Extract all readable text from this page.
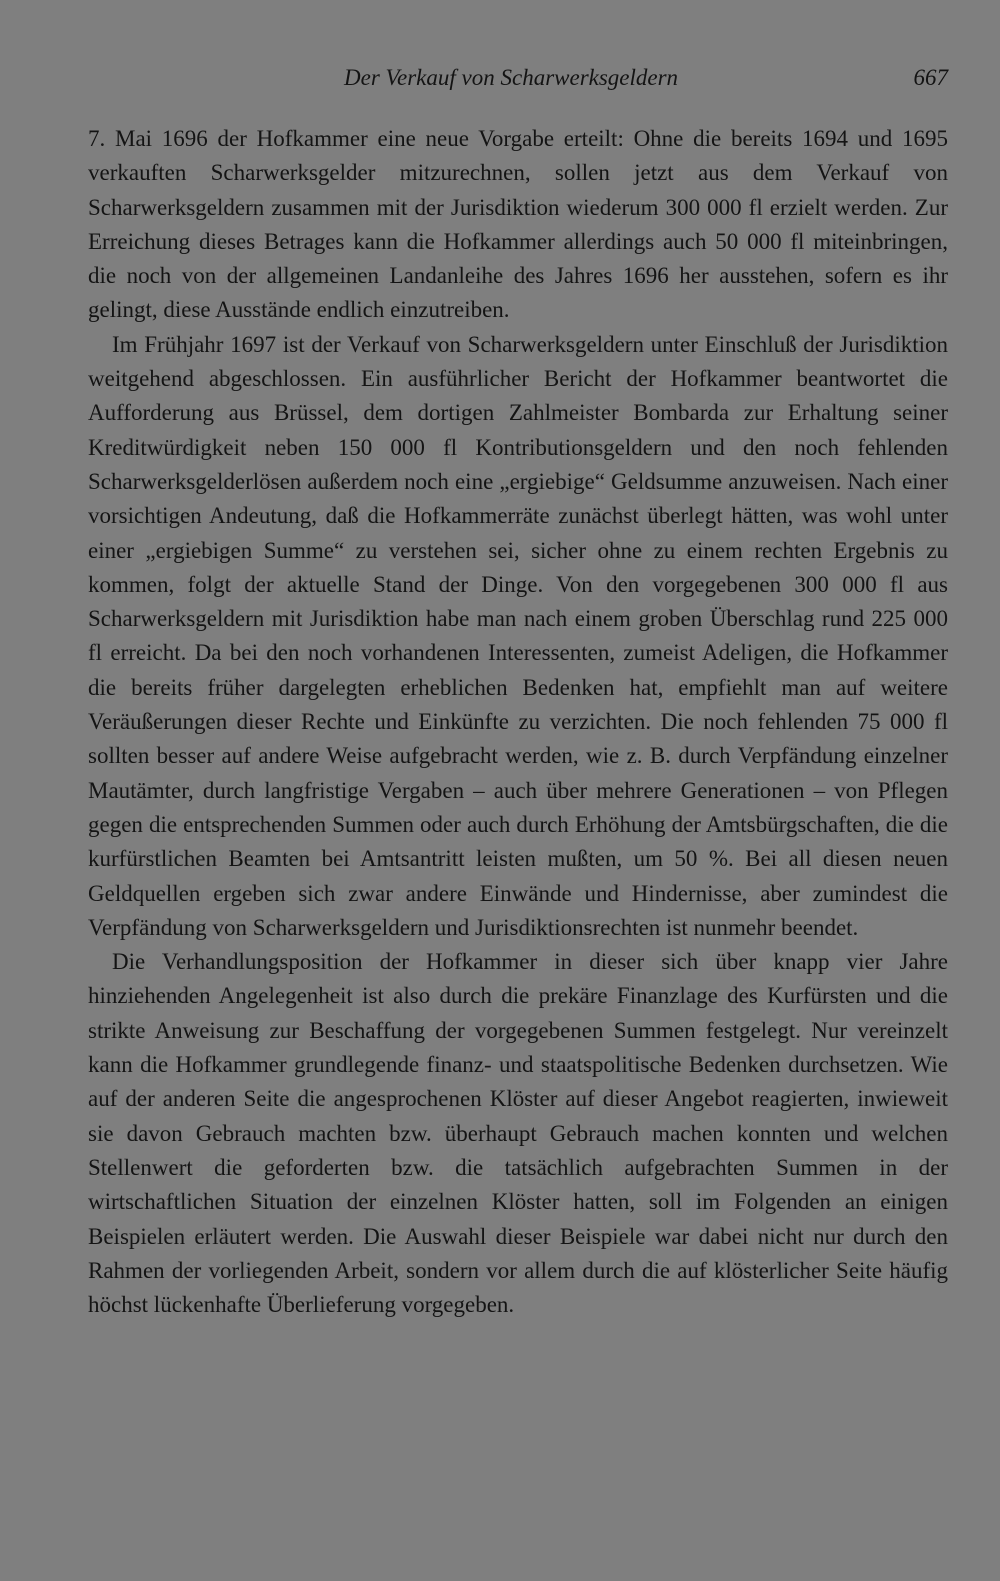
Der Verkauf von Scharwerksgeldern	667

7. Mai 1696 der Hofkammer eine neue Vorgabe erteilt: Ohne die bereits 1694 und 1695 verkauften Scharwerksgelder mitzurechnen, sollen jetzt aus dem Verkauf von Scharwerksgeldern zusammen mit der Jurisdiktion wiederum 300 000 fl erzielt werden. Zur Erreichung dieses Betrages kann die Hofkammer allerdings auch 50 000 fl miteinbringen, die noch von der allgemeinen Landanleihe des Jahres 1696 her ausstehen, sofern es ihr gelingt, diese Ausstände endlich einzutreiben.

Im Frühjahr 1697 ist der Verkauf von Scharwerksgeldern unter Einschluß der Jurisdiktion weitgehend abgeschlossen. Ein ausführlicher Bericht der Hofkammer beantwortet die Aufforderung aus Brüssel, dem dortigen Zahlmeister Bombarda zur Erhaltung seiner Kreditwürdigkeit neben 150 000 fl Kontributionsgeldern und den noch fehlenden Scharwerksgelderlösen außerdem noch eine „ergiebige“ Geldsumme anzuweisen. Nach einer vorsichtigen Andeutung, daß die Hofkammerräte zunächst überlegt hätten, was wohl unter einer „ergiebigen Summe“ zu verstehen sei, sicher ohne zu einem rechten Ergebnis zu kommen, folgt der aktuelle Stand der Dinge. Von den vorgegebenen 300 000 fl aus Scharwerksgeldern mit Jurisdiktion habe man nach einem groben Überschlag rund 225 000 fl erreicht. Da bei den noch vorhandenen Interessenten, zumeist Adeligen, die Hofkammer die bereits früher dargelegten erheblichen Bedenken hat, empfiehlt man auf weitere Veräußerungen dieser Rechte und Einkünfte zu verzichten. Die noch fehlenden 75 000 fl sollten besser auf andere Weise aufgebracht werden, wie z. B. durch Verpfändung einzelner Mautämter, durch langfristige Vergaben – auch über mehrere Generationen – von Pflegen gegen die entsprechenden Summen oder auch durch Erhöhung der Amtsbürgschaften, die die kurfürstlichen Beamten bei Amtsantritt leisten mußten, um 50 %. Bei all diesen neuen Geldquellen ergeben sich zwar andere Einwände und Hindernisse, aber zumindest die Verpfändung von Scharwerksgeldern und Jurisdiktionsrechten ist nunmehr beendet.

Die Verhandlungsposition der Hofkammer in dieser sich über knapp vier Jahre hinziehenden Angelegenheit ist also durch die prekäre Finanzlage des Kurfürsten und die strikte Anweisung zur Beschaffung der vorgegebenen Summen festgelegt. Nur vereinzelt kann die Hofkammer grundlegende finanz- und staatspolitische Bedenken durchsetzen. Wie auf der anderen Seite die angesprochenen Klöster auf dieser Angebot reagierten, inwieweit sie davon Gebrauch machten bzw. überhaupt Gebrauch machen konnten und welchen Stellenwert die geforderten bzw. die tatsächlich aufgebrachten Summen in der wirtschaftlichen Situation der einzelnen Klöster hatten, soll im Folgenden an einigen Beispielen erläutert werden. Die Auswahl dieser Beispiele war dabei nicht nur durch den Rahmen der vorliegenden Arbeit, sondern vor allem durch die auf klösterlicher Seite häufig höchst lückenhafte Überlieferung vorgegeben.
